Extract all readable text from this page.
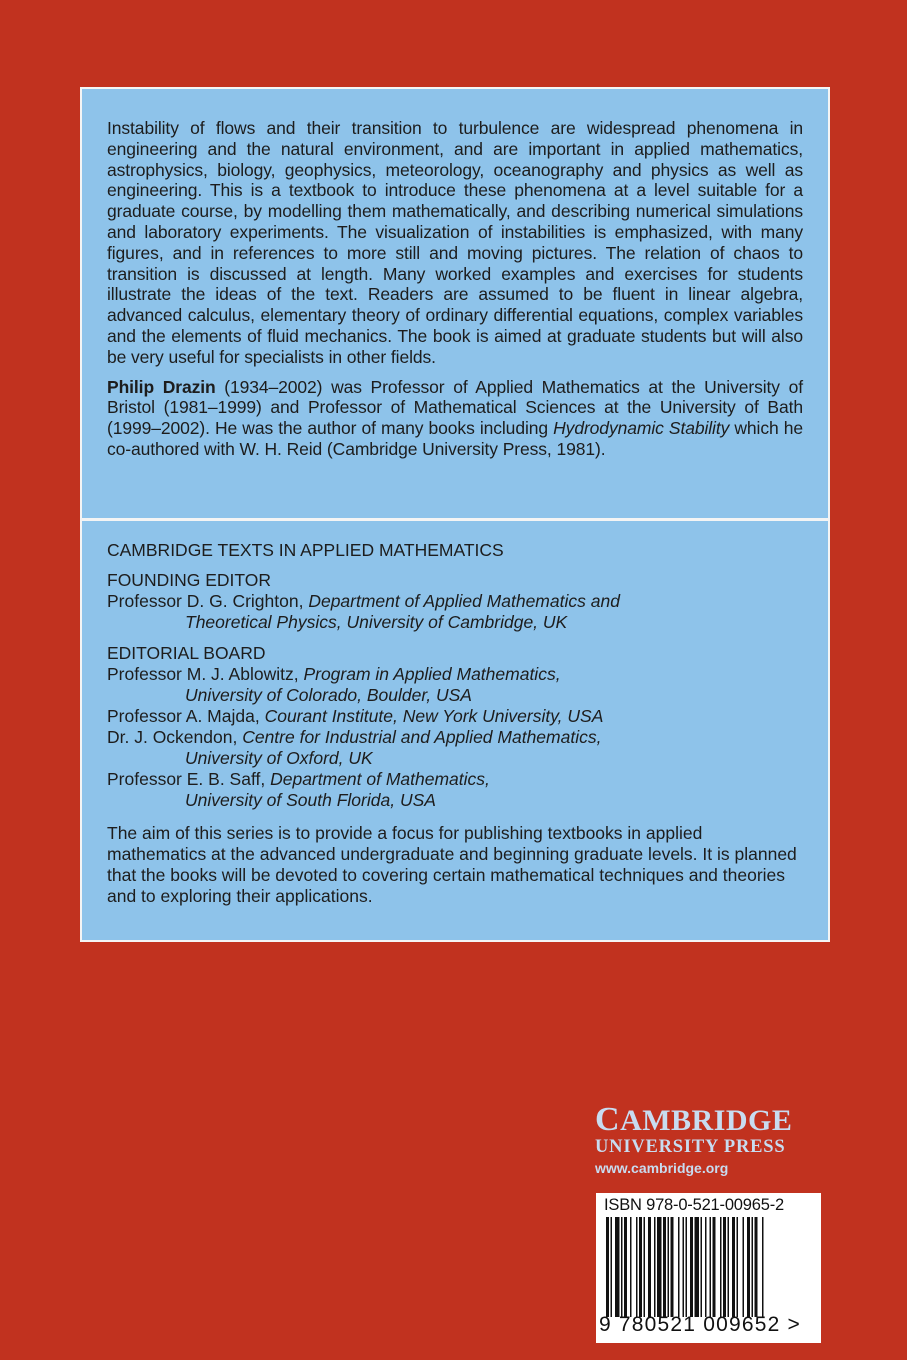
Instability of flows and their transition to turbulence are widespread phenomena in engineering and the natural environment, and are important in applied mathematics, astrophysics, biology, geophysics, meteorology, oceanography and physics as well as engineering. This is a textbook to introduce these phenomena at a level suitable for a graduate course, by modelling them mathematically, and describing numerical simulations and laboratory experiments. The visualization of instabilities is emphasized, with many figures, and in references to more still and moving pictures. The relation of chaos to transition is discussed at length. Many worked examples and exercises for students illustrate the ideas of the text. Readers are assumed to be fluent in linear algebra, advanced calculus, elementary theory of ordinary differential equations, complex variables and the elements of fluid mechanics. The book is aimed at graduate students but will also be very useful for specialists in other fields.

Philip Drazin (1934–2002) was Professor of Applied Mathematics at the University of Bristol (1981–1999) and Professor of Mathematical Sciences at the University of Bath (1999–2002). He was the author of many books including Hydrodynamic Stability which he co-authored with W. H. Reid (Cambridge University Press, 1981).

CAMBRIDGE TEXTS IN APPLIED MATHEMATICS

FOUNDING EDITOR

Professor D. G. Crighton, Department of Applied Mathematics and

Theoretical Physics, University of Cambridge, UK

EDITORIAL BOARD

Professor M. J. Ablowitz, Program in Applied Mathematics,

University of Colorado, Boulder, USA

Professor A. Majda, Courant Institute, New York University, USA

Dr. J. Ockendon, Centre for Industrial and Applied Mathematics,

University of Oxford, UK

Professor E. B. Saff, Department of Mathematics,

University of South Florida, USA

The aim of this series is to provide a focus for publishing textbooks in applied mathematics at the advanced undergraduate and beginning graduate levels. It is planned that the books will be devoted to covering certain mathematical techniques and theories and to exploring their applications.

CAMBRIDGE
UNIVERSITY PRESS
www.cambridge.org
ISBN 978-0-521-00965-2
9 780521 009652 >
